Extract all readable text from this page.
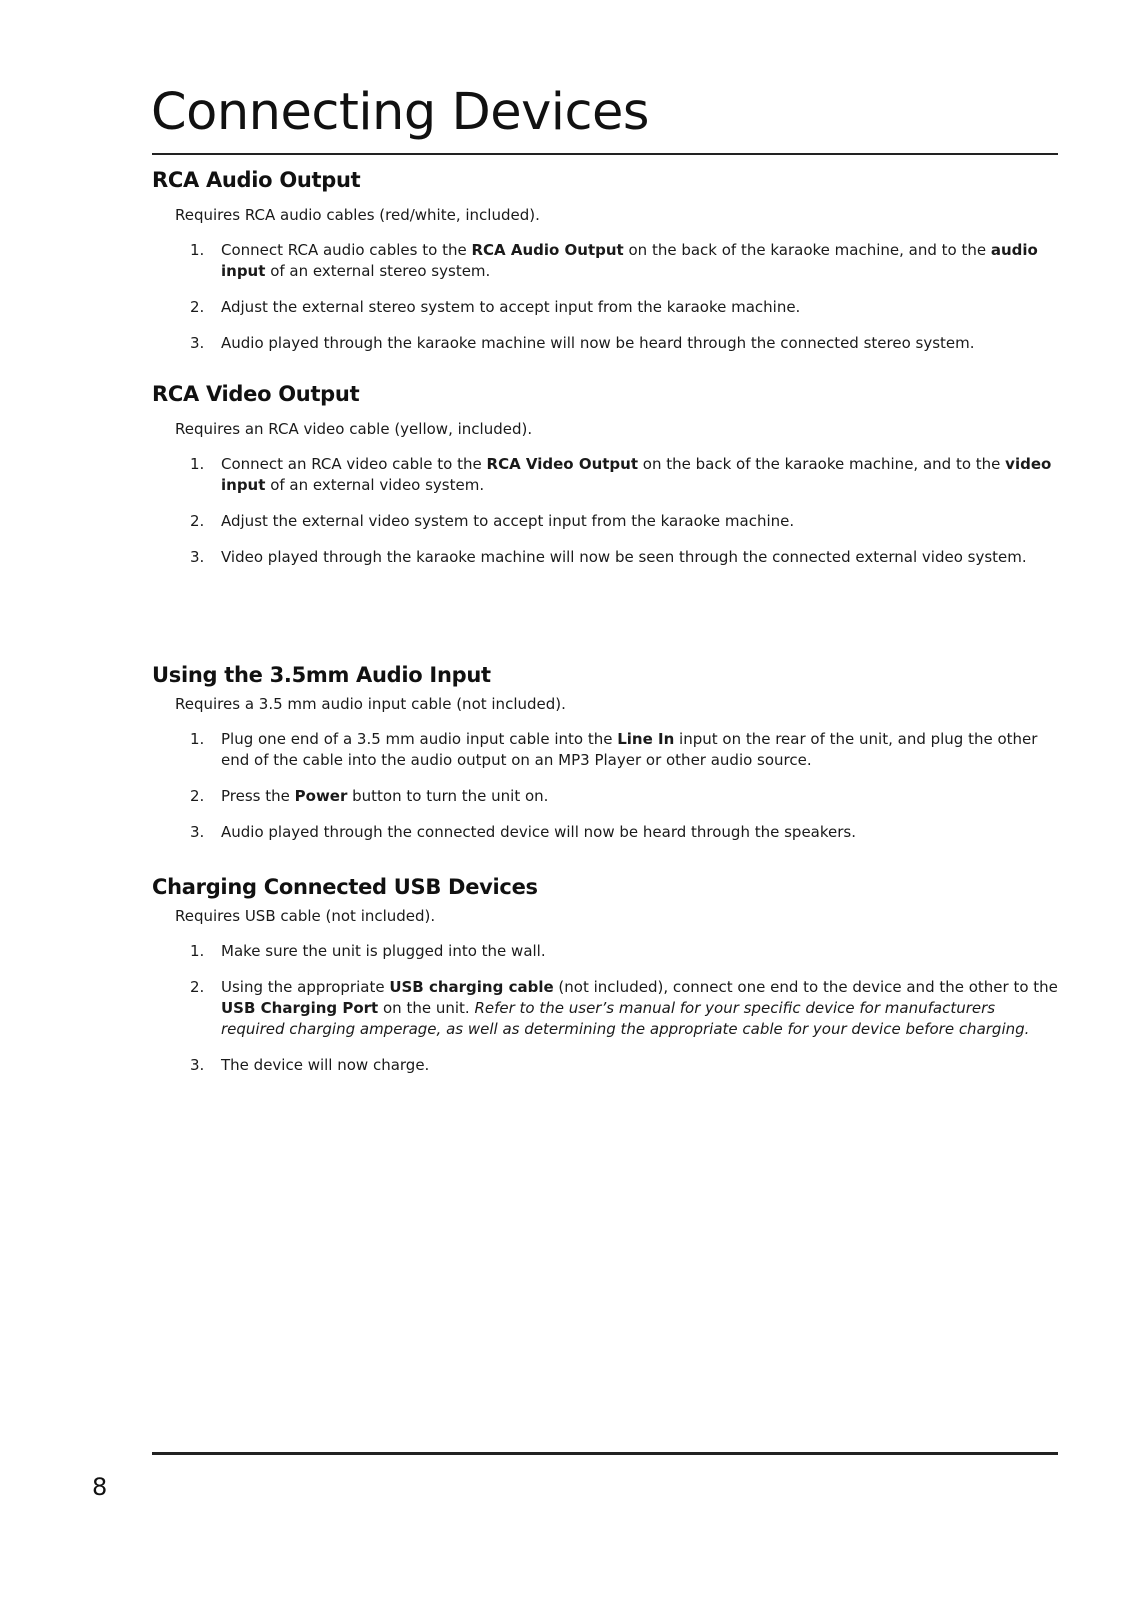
Connecting Devices
RCA Audio Output

Requires RCA audio cables (red/white, included).

1. Connect RCA audio cables to the RCA Audio Output on the back of the karaoke machine, and to the audio input of an external stereo system.
2. Adjust the external stereo system to accept input from the karaoke machine.
3. Audio played through the karaoke machine will now be heard through the connected stereo system.
RCA Video Output

Requires an RCA video cable (yellow, included).

1. Connect an RCA video cable to the RCA Video Output on the back of the karaoke machine, and to the video input of an external video system.
2. Adjust the external video system to accept input from the karaoke machine.
3. Video played through the karaoke machine will now be seen through the connected external video system.
Using the 3.5mm Audio Input

Requires a 3.5 mm audio input cable (not included).

1. Plug one end of a 3.5 mm audio input cable into the Line In input on the rear of the unit, and plug the other end of the cable into the audio output on an MP3 Player or other audio source.
2. Press the Power button to turn the unit on.
3. Audio played through the connected device will now be heard through the speakers.
Charging Connected USB Devices

Requires USB cable (not included).

1. Make sure the unit is plugged into the wall.
2. Using the appropriate USB charging cable (not included), connect one end to the device and the other to the USB Charging Port on the unit. Refer to the user’s manual for your specific device for manufacturers required charging amperage, as well as determining the appropriate cable for your device before charging.
3. The device will now charge.
8
